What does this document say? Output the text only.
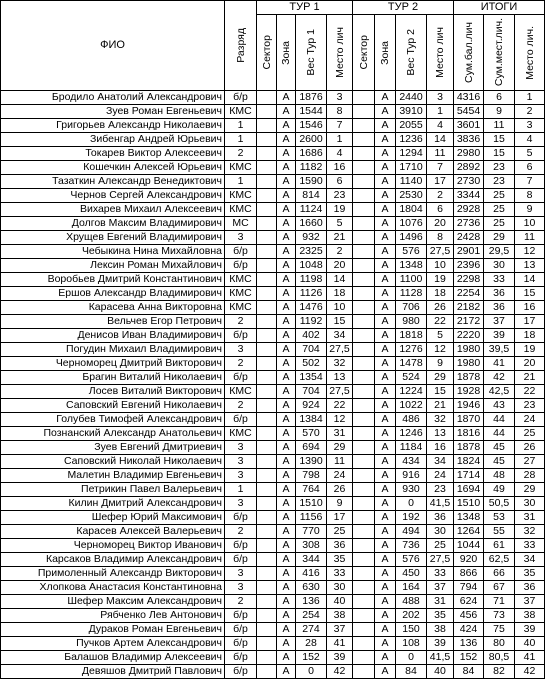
ФИО	Разряд	ТУР 1				ТУР 2				ИТОГИ		

		Сектор	Зона	Вес Тур 1	Место лич	Сектор	Зона	Вес Тур 2	Место лич	Сум.бал.лич	Сум.мест.лич.	Место лич.

Бродило Анатолий Александрович	б/р		А	1876	3		А	2440	3	4316	6	1
Зуев Роман Евгеньевич	КМС		А	1544	8		А	3910	1	5454	9	2
Григорьев Александр Николаевич	1		А	1546	7		А	2055	4	3601	11	3
Зибенгар Андрей Юрьевич	1		А	2600	1		А	1236	14	3836	15	4
Токарев Виктор Алексеевич	2		А	1686	4		А	1294	11	2980	15	5
Кошечкин Алексей Юрьевич	КМС		А	1182	16		А	1710	7	2892	23	6
Тазаткин Александр Венедиктович	1		А	1590	6		А	1140	17	2730	23	7
Чернов Сергей Александрович	КМС		А	814	23		А	2530	2	3344	25	8
Вихарев Михаил Алексеевич	КМС		А	1124	19		А	1804	6	2928	25	9
Долгов Максим Владимирович	МС		А	1660	5		А	1076	20	2736	25	10
Хрущев Евгений Владимирович	3		А	932	21		А	1496	8	2428	29	11
Чебыкина Нина Михайловна	б/р		А	2325	2		А	576	27,5	2901	29,5	12
Лексин Роман Михайлович	б/р		А	1048	20		А	1348	10	2396	30	13
Воробьев Дмитрий Константинович	КМС		А	1198	14		А	1100	19	2298	33	14
Ершов Александр Владимирович	КМС		А	1126	18		А	1128	18	2254	36	15
Карасева Анна Викторовна	КМС		А	1476	10		А	706	26	2182	36	16
Вельчев Егор Петрович	2		А	1192	15		А	980	22	2172	37	17
Денисов Иван Владимирович	б/р		А	402	34		А	1818	5	2220	39	18
Погудин Михаил Владимирович	3		А	704	27,5		А	1276	12	1980	39,5	19
Черноморец Дмитрий Викторович	2		А	502	32		А	1478	9	1980	41	20
Брагин Виталий Николаевич	б/р		А	1354	13		А	524	29	1878	42	21
Лосев Виталий Викторович	КМС		А	704	27,5		А	1224	15	1928	42,5	22
Саповский Евгений Николаевич	2		А	924	22		А	1022	21	1946	43	23
Голубев Тимофей Александрович	б/р		А	1384	12		А	486	32	1870	44	24
Познанский Александр Анатольевич	КМС		А	570	31		А	1246	13	1816	44	25
Зуев Евгений Дмитриевич	3		А	694	29		А	1184	16	1878	45	26
Саповский Николай Николаевич	3		А	1390	11		А	434	34	1824	45	27
Малетин Владимир Евгеньевич	3		А	798	24		А	916	24	1714	48	28
Петрикин Павел Валерьевич	1		А	764	26		А	930	23	1694	49	29
Килин Дмитрий Александрович	3		А	1510	9		А	0	41,5	1510	50,5	30
Шефер Юрий Максимович	б/р		А	1156	17		А	192	36	1348	53	31
Карасев Алексей Валерьевич	2		А	770	25		А	494	30	1264	55	32
Черноморец Виктор Иванович	б/р		А	308	36		А	736	25	1044	61	33
Карсаков Владимир Александрович	б/р		А	344	35		А	576	27,5	920	62,5	34
Примоленный Александр Викторович	3		А	416	33		А	450	33	866	66	35
Хлопкова Анастасия Константиновна	3		А	630	30		А	164	37	794	67	36
Шефер Максим Александрович	2		А	136	40		А	488	31	624	71	37
Рябченко Лев Антонович	б/р		А	254	38		А	202	35	456	73	38
Дураков Роман Евгеньевич	б/р		А	274	37		А	150	38	424	75	39
Пучков Артем Александрович	б/р		А	28	41		А	108	39	136	80	40
Балашов Владимир Алексеевич	б/р		А	152	39		А	0	41,5	152	80,5	41
Девяшов Дмитрий Павлович	б/р		А	0	42		А	84	40	84	82	42
